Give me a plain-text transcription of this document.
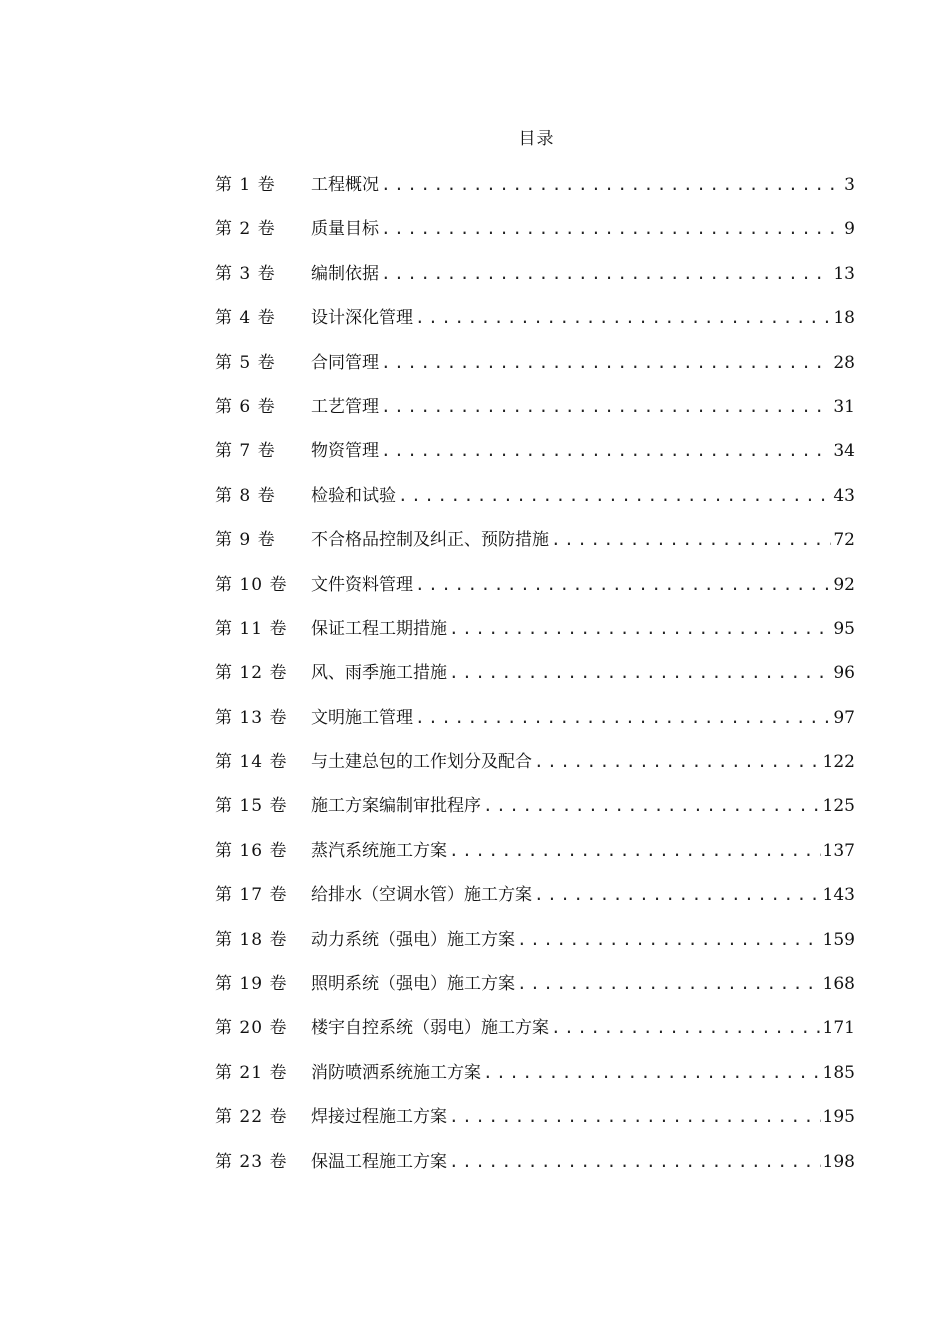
目录
第 1 卷	工程概况 .....	3
第 2 卷	质量目标 .....	9
第 3 卷	编制依据 .....	13
第 4 卷	设计深化管理 .....	18
第 5 卷	合同管理 .....	28
第 6 卷	工艺管理 .....	31
第 7 卷	物资管理 .....	34
第 8 卷	检验和试验 .....	43
第 9 卷	不合格品控制及纠正、预防措施 .....	72
第 10 卷	文件资料管理 .....	92
第 11 卷	保证工程工期措施 .....	95
第 12 卷	风、雨季施工措施 .....	96
第 13 卷	文明施工管理 .....	97
第 14 卷	与土建总包的工作划分及配合 .....	122
第 15 卷	施工方案编制审批程序 .....	125
第 16 卷	蒸汽系统施工方案 .....	137
第 17 卷	给排水（空调水管）施工方案 .....	143
第 18 卷	动力系统（强电）施工方案 .....	159
第 19 卷	照明系统（强电）施工方案 .....	168
第 20 卷	楼宇自控系统（弱电）施工方案 .....	171
第 21 卷	消防喷洒系统施工方案 .....	185
第 22 卷	焊接过程施工方案 .....	195
第 23 卷	保温工程施工方案 .....	198
